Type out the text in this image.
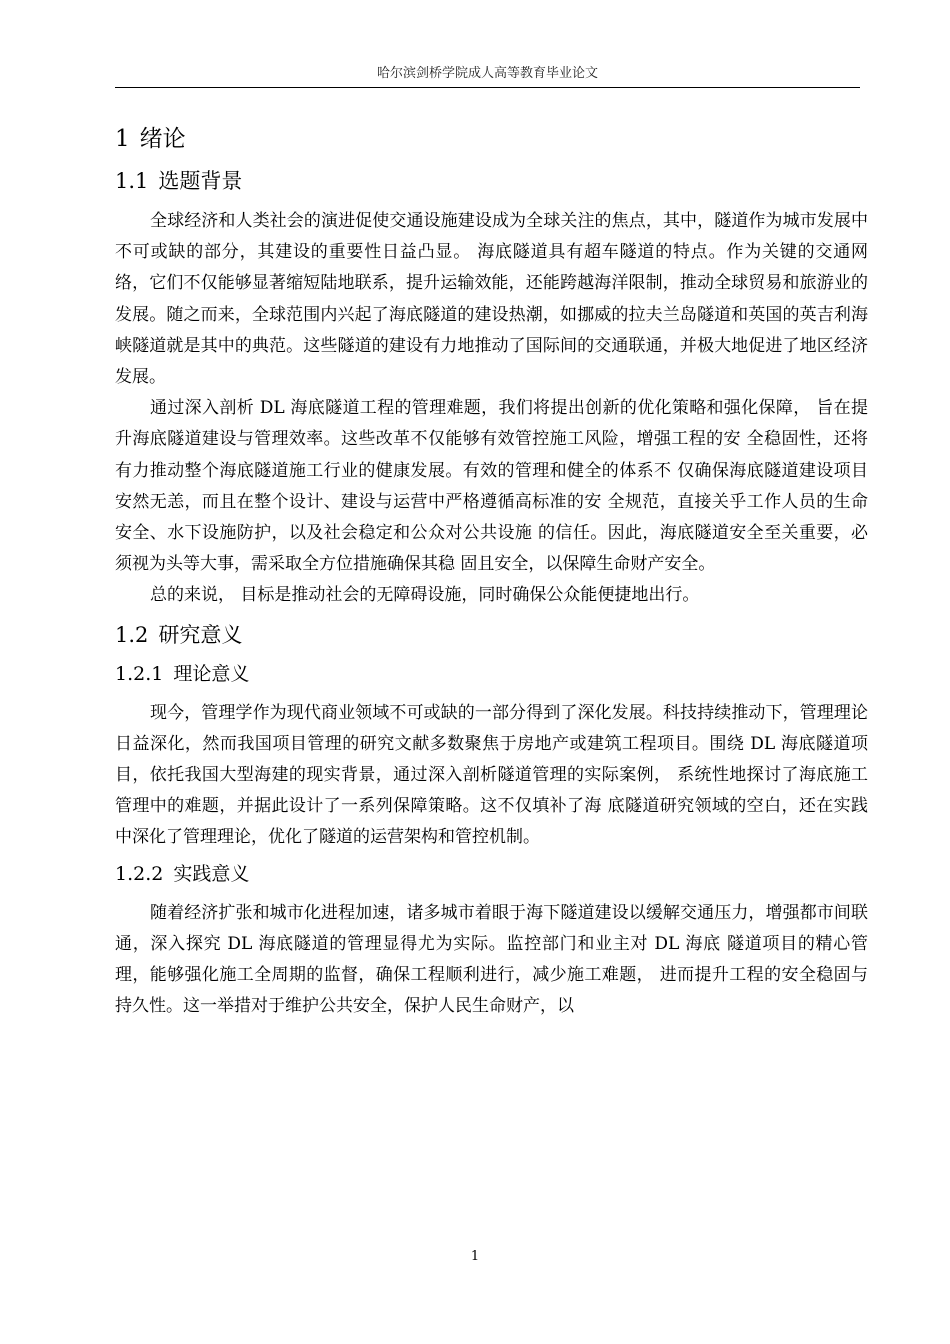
哈尔滨剑桥学院成人高等教育毕业论文
1 绪论
1.1 选题背景

全球经济和人类社会的演进促使交通设施建设成为全球关注的焦点，其中，隧道作为城市发展中不可或缺的部分，其建设的重要性日益凸显。 海底隧道具有超车隧道的特点。作为关键的交通网络，它们不仅能够显著缩短陆地联系，提升运输效能，还能跨越海洋限制，推动全球贸易和旅游业的发展。随之而来，全球范围内兴起了海底隧道的建设热潮，如挪威的拉夫兰岛隧道和英国的英吉利海峡隧道就是其中的典范。这些隧道的建设有力地推动了国际间的交通联通，并极大地促进了地区经济发展。

通过深入剖析 DL 海底隧道工程的管理难题，我们将提出创新的优化策略和强化保障， 旨在提升海底隧道建设与管理效率。这些改革不仅能够有效管控施工风险，增强工程的安 全稳固性，还将有力推动整个海底隧道施工行业的健康发展。有效的管理和健全的体系不 仅确保海底隧道建设项目安然无恙，而且在整个设计、建设与运营中严格遵循高标准的安 全规范，直接关乎工作人员的生命安全、水下设施防护，以及社会稳定和公众对公共设施 的信任。因此，海底隧道安全至关重要，必须视为头等大事，需采取全方位措施确保其稳 固且安全，以保障生命财产安全。

总的来说， 目标是推动社会的无障碍设施，同时确保公众能便捷地出行。

1.2 研究意义
1.2.1 理论意义

现今，管理学作为现代商业领域不可或缺的一部分得到了深化发展。科技持续推动下，管理理论日益深化，然而我国项目管理的研究文献多数聚焦于房地产或建筑工程项目。围绕 DL 海底隧道项目，依托我国大型海建的现实背景，通过深入剖析隧道管理的实际案例， 系统性地探讨了海底施工管理中的难题，并据此设计了一系列保障策略。这不仅填补了海 底隧道研究领域的空白，还在实践中深化了管理理论，优化了隧道的运营架构和管控机制。

1.2.2 实践意义

随着经济扩张和城市化进程加速，诸多城市着眼于海下隧道建设以缓解交通压力，增强都市间联通，深入探究 DL 海底隧道的管理显得尤为实际。监控部门和业主对 DL 海底 隧道项目的精心管理，能够强化施工全周期的监督，确保工程顺利进行，减少施工难题， 进而提升工程的安全稳固与持久性。这一举措对于维护公共安全，保护人民生命财产，以

1
